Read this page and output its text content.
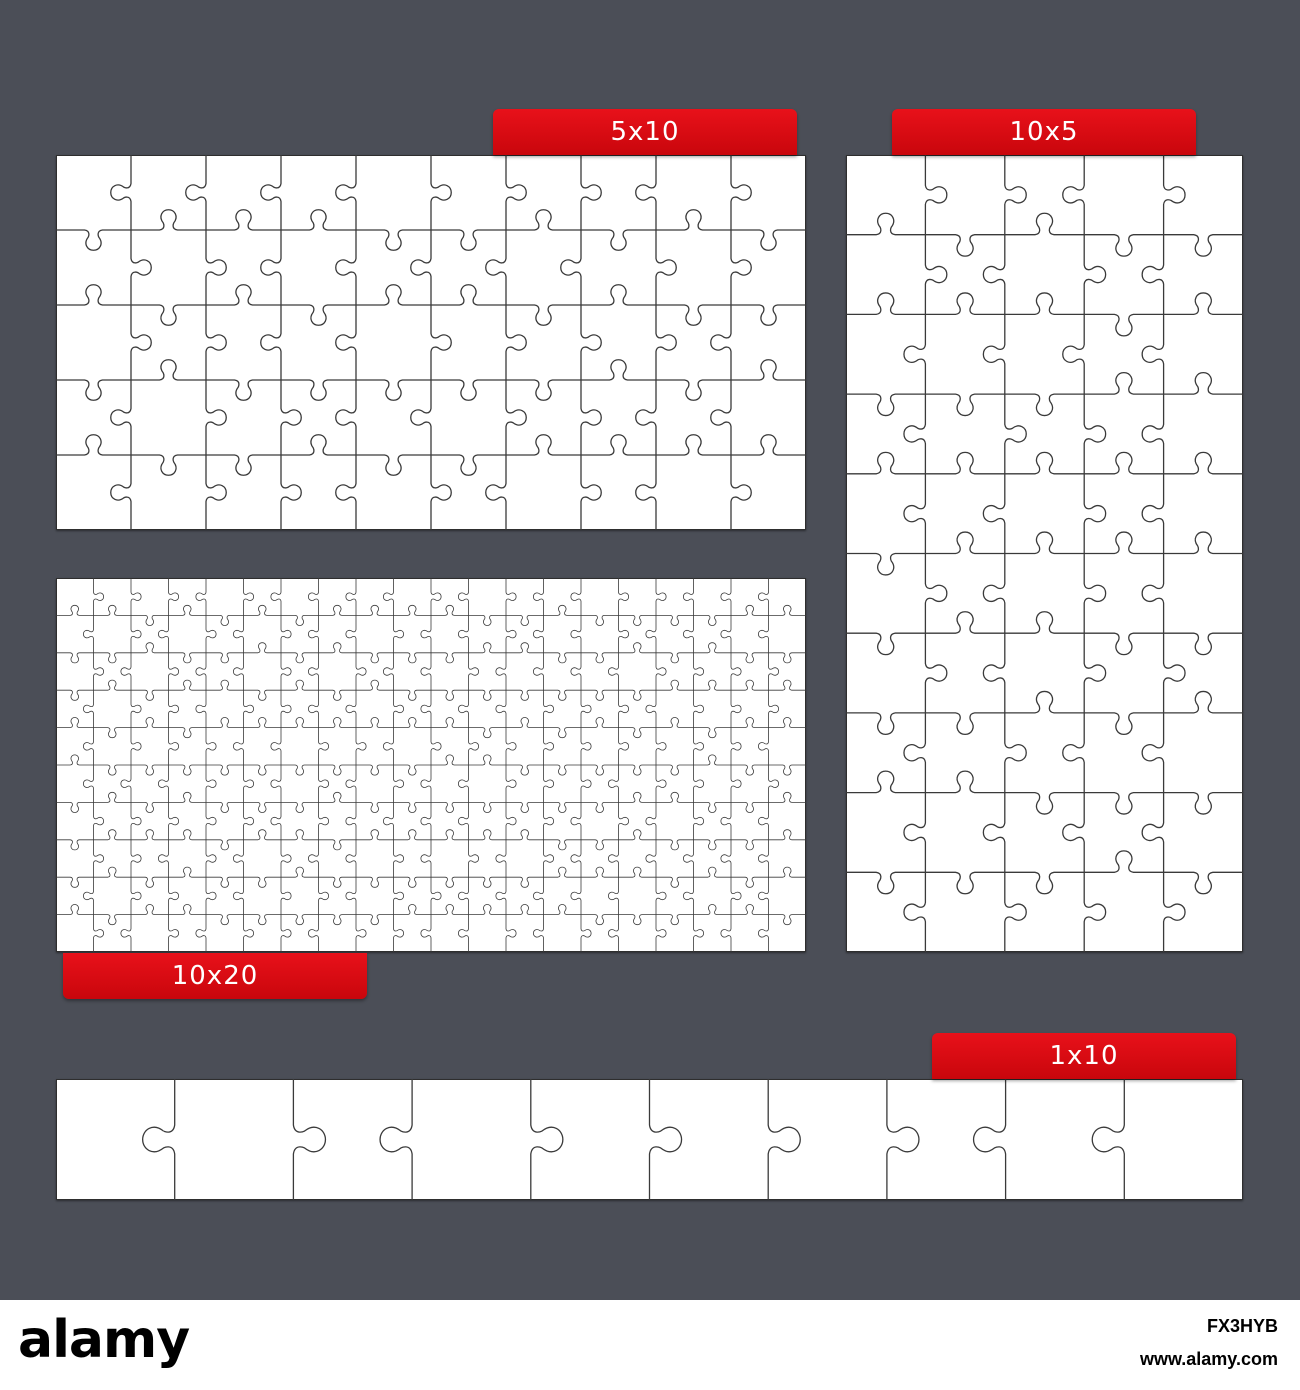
5x10	10x5
10x20
1x10
alamy	FX3HYB
www.alamy.com
